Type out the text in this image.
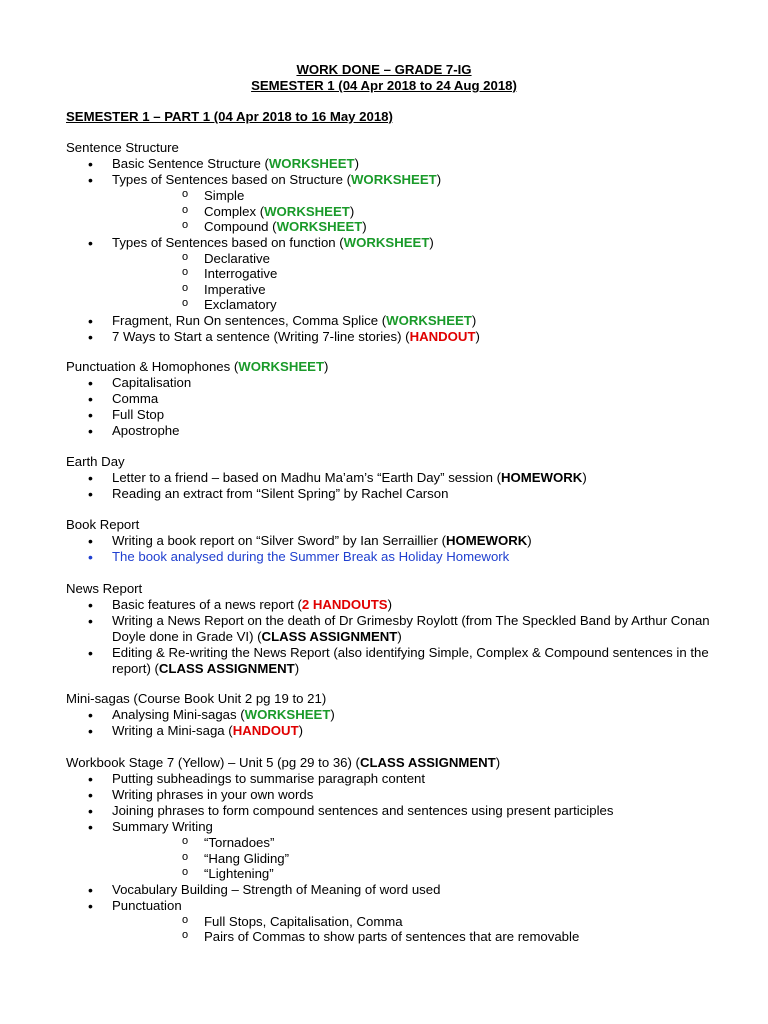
WORK DONE – GRADE 7-IG
SEMESTER 1 (04 Apr 2018 to 24 Aug 2018)
SEMESTER 1 – PART 1 (04 Apr 2018 to 16 May 2018)
Sentence Structure
• Basic Sentence Structure (WORKSHEET)
• Types of Sentences based on Structure (WORKSHEET)
o Simple
o Complex (WORKSHEET)
o Compound (WORKSHEET)
• Types of Sentences based on function (WORKSHEET)
o Declarative
o Interrogative
o Imperative
o Exclamatory
• Fragment, Run On sentences, Comma Splice (WORKSHEET)
• 7 Ways to Start a sentence (Writing 7-line stories) (HANDOUT)
Punctuation & Homophones (WORKSHEET)
• Capitalisation
• Comma
• Full Stop
• Apostrophe
Earth Day
• Letter to a friend – based on Madhu Ma’am’s “Earth Day” session (HOMEWORK)
• Reading an extract from “Silent Spring” by Rachel Carson
Book Report
• Writing a book report on “Silver Sword” by Ian Serraillier (HOMEWORK)
• The book analysed during the Summer Break as Holiday Homework
News Report
• Basic features of a news report (2 HANDOUTS)
• Writing a News Report on the death of Dr Grimesby Roylott (from The Speckled Band by Arthur Conan Doyle done in Grade VI) (CLASS ASSIGNMENT)
• Editing & Re-writing the News Report (also identifying Simple, Complex & Compound sentences in the report) (CLASS ASSIGNMENT)
Mini-sagas (Course Book Unit 2 pg 19 to 21)
• Analysing Mini-sagas (WORKSHEET)
• Writing a Mini-saga (HANDOUT)
Workbook Stage 7 (Yellow) – Unit 5 (pg 29 to 36) (CLASS ASSIGNMENT)
• Putting subheadings to summarise paragraph content
• Writing phrases in your own words
• Joining phrases to form compound sentences and sentences using present participles
• Summary Writing
o “Tornadoes”
o “Hang Gliding”
o “Lightening”
• Vocabulary Building – Strength of Meaning of word used
• Punctuation
o Full Stops, Capitalisation, Comma
o Pairs of Commas to show parts of sentences that are removable
